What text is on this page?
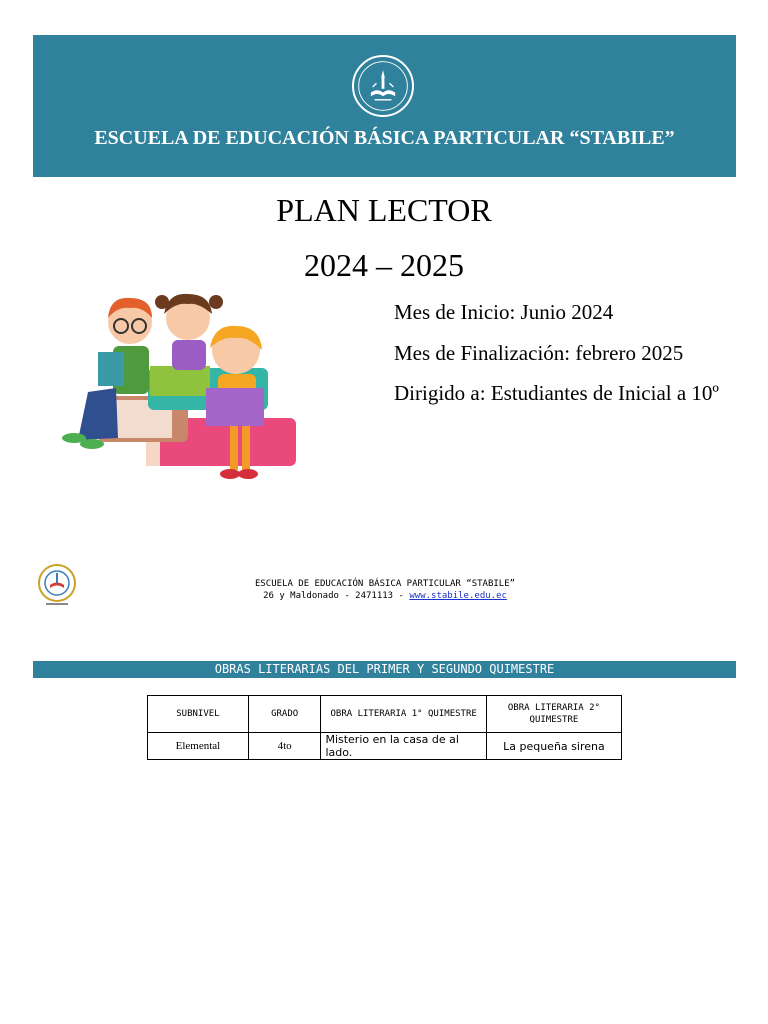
ESCUELA DE EDUCACIÓN BÁSICA PARTICULAR “STABILE”
PLAN LECTOR
2024 – 2025
Mes de Inicio: Junio 2024
Mes de Finalización: febrero 2025
Dirigido a: Estudiantes de Inicial a 10º
ESCUELA DE EDUCACIÓN BÁSICA PARTICULAR “STABILE”
26 y Maldonado - 2471113 - www.stabile.edu.ec
OBRAS LITERARIAS DEL PRIMER Y SEGUNDO QUIMESTRE
SUBNIVEL	GRADO	OBRA LITERARIA 1° QUIMESTRE	OBRA LITERARIA 2° QUIMESTRE
Elemental	4to	Misterio en la casa de al lado.	La pequeña sirena
